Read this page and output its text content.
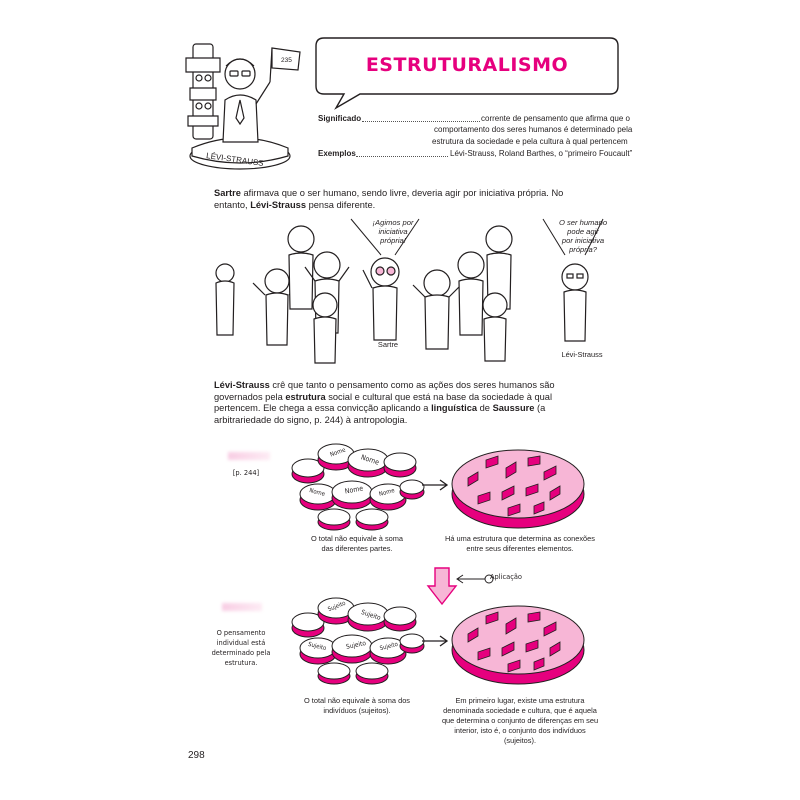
235
LÉVI-STRAUSS
ESTRUTURALISMO
Significado	corrente de pensamento que afirma que o
comportamento dos seres humanos é determinado pela
estrutura da sociedade e pela cultura à qual pertencem
Exemplos	Lévi-Strauss, Roland Barthes, o “primeiro Foucault”
Sartre afirmava que o ser humano, sendo livre, deveria agir por iniciativa própria. No entanto, Lévi-Strauss pensa diferente.
¡Agimos por
iniciativa
própria!
O ser humano
pode agir
por iniciativa
própria?
Sartre
Lévi-Strauss
Lévi-Strauss crê que tanto o pensamento como as ações dos seres humanos são governados pela estrutura social e cultural que está na base da sociedade à qual pertencem. Ele chega a essa convicção aplicando a linguística de Saussure (a arbitrariedade do signo, p. 244) à antropologia.
[p. 244]
Nome
Nome
Nome
Nome	Nome
O total não equivale à soma
das diferentes partes.
Há uma estrutura que determina as conexões
entre seus diferentes elementos.
Aplicação
O pensamento
individual está
determinado pela
estrutura.
Sujeito
Sujeito
Sujeito
Sujeito	Sujeito
O total não equivale à soma dos
indivíduos (sujeitos).
Em primeiro lugar, existe uma estrutura
denominada sociedade e cultura, que é aquela
que determina o conjunto de diferenças em seu
interior, isto é, o conjunto dos indivíduos (sujeitos).
298
